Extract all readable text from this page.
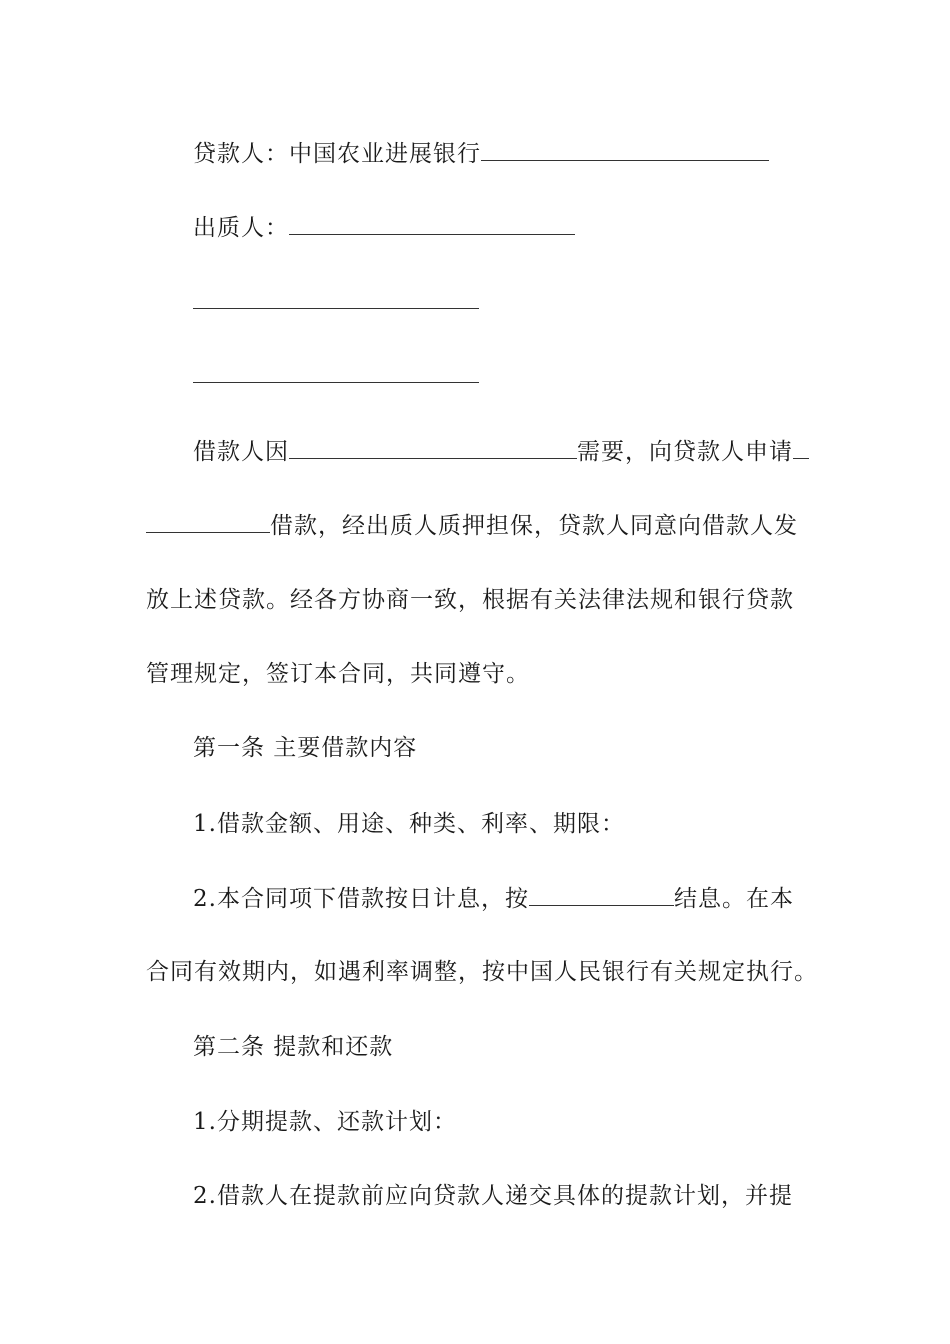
贷款人：中国农业进展银行
出质人：
借款人因	需要，向贷款人申请
借款，经出质人质押担保，贷款人同意向借款人发
放上述贷款。经各方协商一致，根据有关法律法规和银行贷款
管理规定，签订本合同，共同遵守。
第一条 主要借款内容
1.借款金额、用途、种类、利率、期限：
2.本合同项下借款按日计息，按	结息。在本
合同有效期内，如遇利率调整，按中国人民银行有关规定执行。
第二条 提款和还款
1.分期提款、还款计划：
2.借款人在提款前应向贷款人递交具体的提款计划，并提
